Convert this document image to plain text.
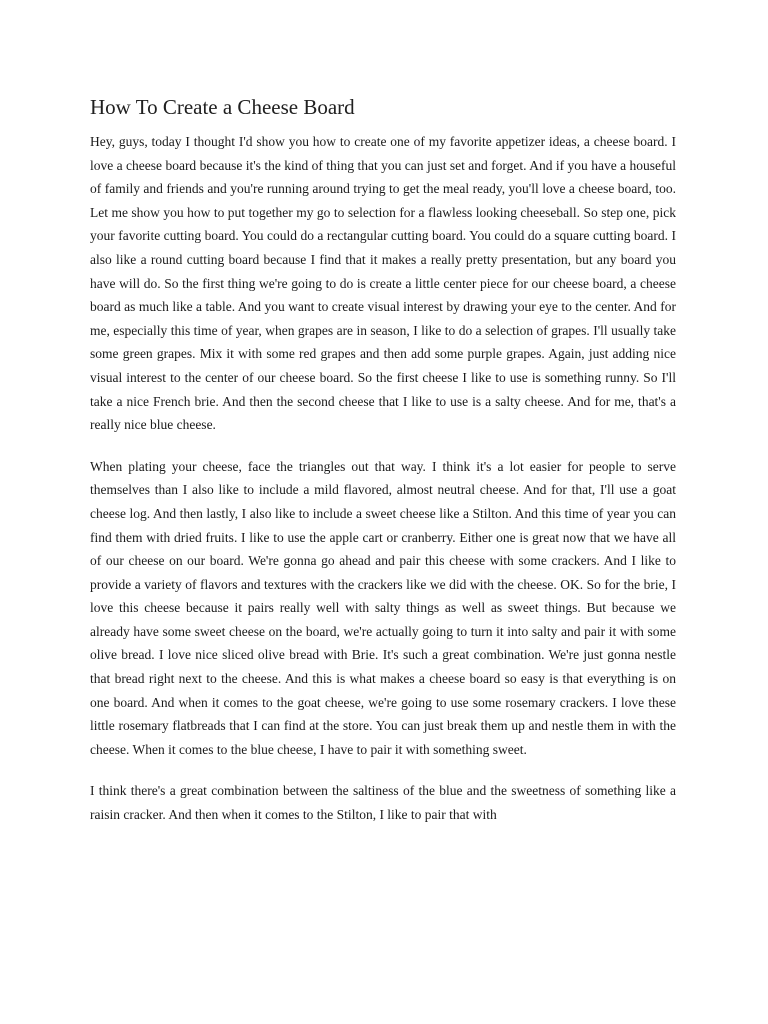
How To Create a Cheese Board

Hey, guys, today I thought I'd show you how to create one of my favorite appetizer ideas, a cheese board. I love a cheese board because it's the kind of thing that you can just set and forget. And if you have a houseful of family and friends and you're running around trying to get the meal ready, you'll love a cheese board, too. Let me show you how to put together my go to selection for a flawless looking cheeseball. So step one, pick your favorite cutting board. You could do a rectangular cutting board. You could do a square cutting board. I also like a round cutting board because I find that it makes a really pretty presentation, but any board you have will do. So the first thing we're going to do is create a little center piece for our cheese board, a cheese board as much like a table. And you want to create visual interest by drawing your eye to the center. And for me, especially this time of year, when grapes are in season, I like to do a selection of grapes. I'll usually take some green grapes. Mix it with some red grapes and then add some purple grapes. Again, just adding nice visual interest to the center of our cheese board. So the first cheese I like to use is something runny. So I'll take a nice French brie. And then the second cheese that I like to use is a salty cheese. And for me, that's a really nice blue cheese.

When plating your cheese, face the triangles out that way. I think it's a lot easier for people to serve themselves than I also like to include a mild flavored, almost neutral cheese. And for that, I'll use a goat cheese log. And then lastly, I also like to include a sweet cheese like a Stilton. And this time of year you can find them with dried fruits. I like to use the apple cart or cranberry. Either one is great now that we have all of our cheese on our board. We're gonna go ahead and pair this cheese with some crackers. And I like to provide a variety of flavors and textures with the crackers like we did with the cheese. OK. So for the brie, I love this cheese because it pairs really well with salty things as well as sweet things. But because we already have some sweet cheese on the board, we're actually going to turn it into salty and pair it with some olive bread. I love nice sliced olive bread with Brie. It's such a great combination. We're just gonna nestle that bread right next to the cheese. And this is what makes a cheese board so easy is that everything is on one board. And when it comes to the goat cheese, we're going to use some rosemary crackers. I love these little rosemary flatbreads that I can find at the store. You can just break them up and nestle them in with the cheese. When it comes to the blue cheese, I have to pair it with something sweet.

I think there's a great combination between the saltiness of the blue and the sweetness of something like a raisin cracker. And then when it comes to the Stilton, I like to pair that with
